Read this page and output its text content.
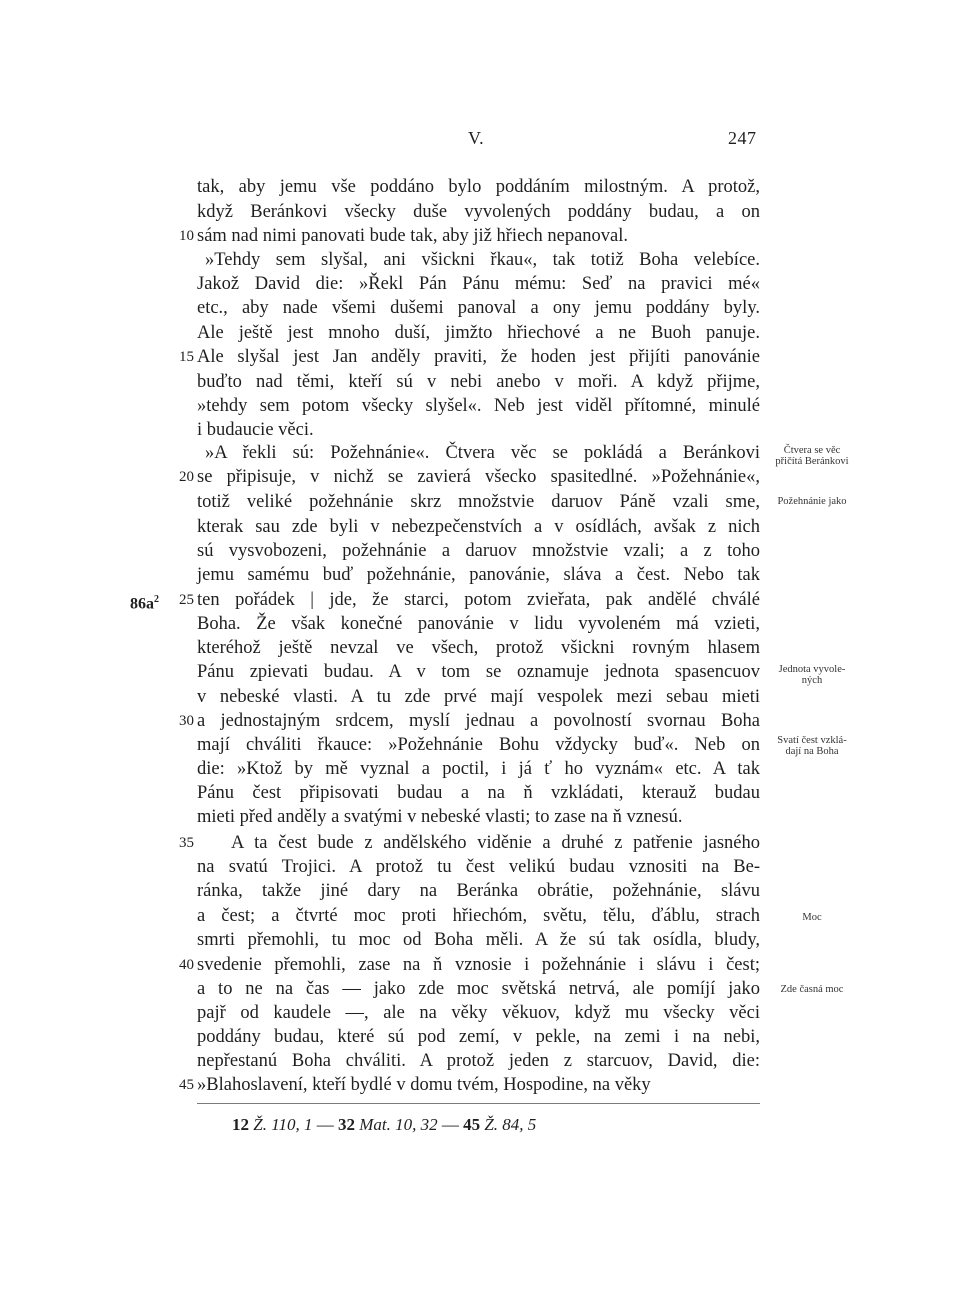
V.	247
$86a^2$
10
15
20
25
30
35
40
45
tak, aby jemu vše poddáno bylo poddáním milostným. A protož,
když Beránkovi všecky duše vyvolených poddány budau, a on
sám nad nimi panovati bude tak, aby již hřiech nepanoval.
»Tehdy sem slyšal, ani všickni řkau«, tak totiž Boha velebíce.
Jakož David die: »Řekl Pán Pánu mému: Seď na pravici mé«
etc., aby nade všemi dušemi panoval a ony jemu poddány byly.
Ale ještě jest mnoho duší, jimžto hřiechové a ne Buoh panuje.
Ale slyšal jest Jan anděly praviti, že hoden jest přijíti panovánie
buďto nad těmi, kteří sú v nebi anebo v moři. A když přijme,
»tehdy sem potom všecky slyšel«. Neb jest viděl přítomné, minulé
i budaucie věci.
»A řekli sú: Požehnánie«. Čtvera věc se pokládá a Beránkovi
se připisuje, v nichž se zavierá všecko spasitedlné. »Požehnánie«,
totiž veliké požehnánie skrz množstvie daruov Páně vzali sme,
kterak sau zde byli v nebezpečenstvích a v osídlách, avšak z nich
sú vysvobozeni, požehnánie a daruov množstvie vzali; a z toho
jemu samému buď požehnánie, panovánie, sláva a čest. Nebo tak
ten pořádek | jde, že starci, potom zvieřata, pak andělé chválé
Boha. Že však konečné panovánie v lidu vyvoleném má vzieti,
kteréhož ještě nevzal ve všech, protož všickni rovným hlasem
Pánu zpievati budau. A v tom se oznamuje jednota spasencuov
v nebeské vlasti. A tu zde prvé mají vespolek mezi sebau mieti
a jednostajným srdcem, myslí jednau a povolností svornau Boha
mají chváliti řkauce: »Požehnánie Bohu vždycky buď«. Neb on
die: »Ktož by mě vyznal a poctil, i já ť ho vyznám« etc. A tak
Pánu čest připisovati budau a na ň vzkládati, kterauž budau
mieti před anděly a svatými v nebeské vlasti; to zase na ň vznesú.
A ta čest bude z andělského viděnie a druhé z patřenie jasného
na svatú Trojici. A protož tu čest velikú budau vznositi na Be-
ránka, takže jiné dary na Beránka obrátie, požehnánie, slávu
a čest; a čtvrté moc proti hřiechóm, světu, tělu, ďáblu, strach
smrti přemohli, tu moc od Boha měli. A že sú tak osídla, bludy,
svedenie přemohli, zase na ň vznosie i požehnánie i slávu i čest;
a to ne na čas — jako zde moc světská netrvá, ale pomíjí jako
pajř od kaudele —, ale na věky věkuov, když mu všecky věci
poddány budau, které sú pod zemí, v pekle, na zemi i na nebi,
nepřestanú Boha chváliti. A protož jeden z starcuov, David, die:
»Blahoslavení, kteří bydlé v domu tvém, Hospodine, na věky
Čtvera se věc
přičítá Beránkovi
Požehnánie jako
Jednota vyvole-
ných
Svatí čest vzklá-
dají na Boha
Moc
Zde časná moc
12 Ž. 110, 1 — 32 Mat. 10, 32 — 45 Ž. 84, 5
